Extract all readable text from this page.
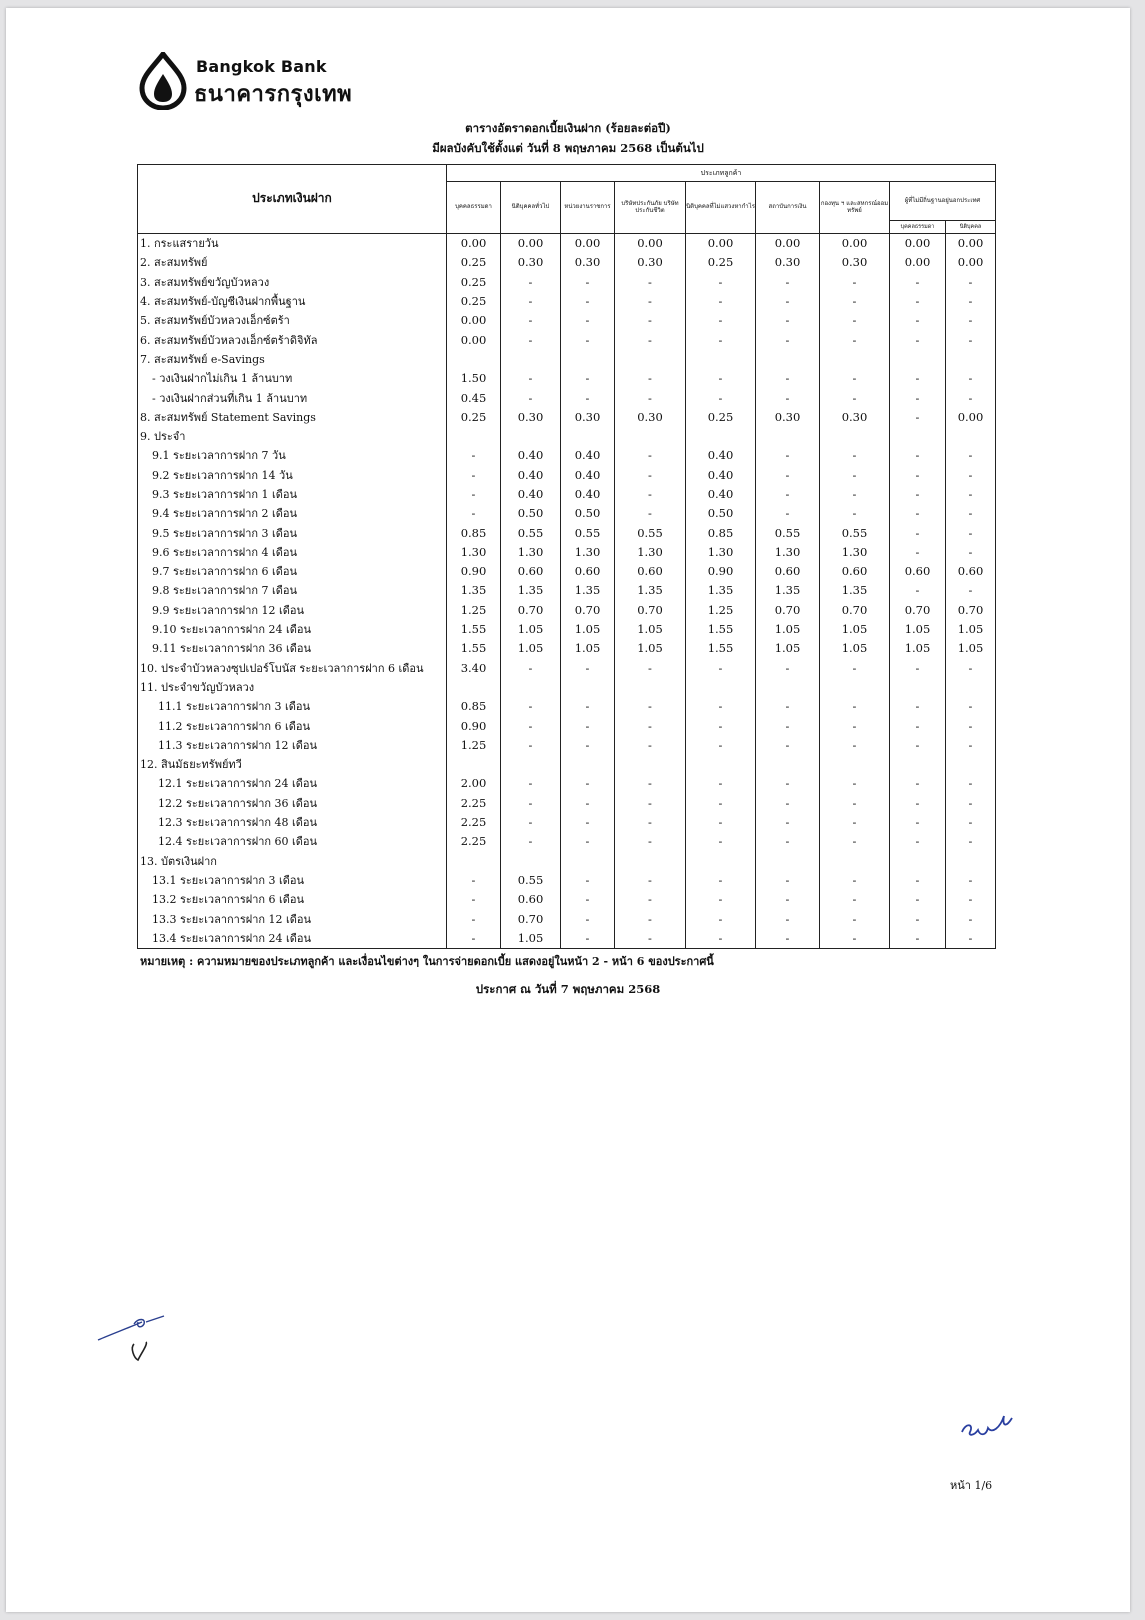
Bangkok Bank
ธนาคารกรุงเทพ
ตารางอัตราดอกเบี้ยเงินฝาก (ร้อยละต่อปี)
มีผลบังคับใช้ตั้งแต่ วันที่ 8 พฤษภาคม 2568 เป็นต้นไป
ประเภทเงินฝาก	ประเภทลูกค้า								
	บุคคลธรรมดา	นิติบุคคลทั่วไป	หน่วยงานราชการ	บริษัทประกันภัย บริษัทประกันชีวิต	นิติบุคคลที่ไม่แสวงหากำไร	สถาบันการเงิน	กองทุน ฯ และสหกรณ์ออมทรัพย์	ผู้ที่ไม่มีถิ่นฐานอยู่นอกประเทศ	
								บุคคลธรรมดา	นิติบุคคล
1. กระแสรายวัน	0.00	0.00	0.00	0.00	0.00	0.00	0.00	0.00	0.00
2. สะสมทรัพย์	0.25	0.30	0.30	0.30	0.25	0.30	0.30	0.00	0.00
3. สะสมทรัพย์ขวัญบัวหลวง	0.25	-	-	-	-	-	-	-	-
4. สะสมทรัพย์-บัญชีเงินฝากพื้นฐาน	0.25	-	-	-	-	-	-	-	-
5. สะสมทรัพย์บัวหลวงเอ็กซ์ตร้า	0.00	-	-	-	-	-	-	-	-
6. สะสมทรัพย์บัวหลวงเอ็กซ์ตร้าดิจิทัล	0.00	-	-	-	-	-	-	-	-
7. สะสมทรัพย์ e-Savings									
- วงเงินฝากไม่เกิน 1 ล้านบาท	1.50	-	-	-	-	-	-	-	-
- วงเงินฝากส่วนที่เกิน 1 ล้านบาท	0.45	-	-	-	-	-	-	-	-
8. สะสมทรัพย์ Statement Savings	0.25	0.30	0.30	0.30	0.25	0.30	0.30	-	0.00
9. ประจำ									
9.1 ระยะเวลาการฝาก 7 วัน	-	0.40	0.40	-	0.40	-	-	-	-
9.2 ระยะเวลาการฝาก 14 วัน	-	0.40	0.40	-	0.40	-	-	-	-
9.3 ระยะเวลาการฝาก 1 เดือน	-	0.40	0.40	-	0.40	-	-	-	-
9.4 ระยะเวลาการฝาก 2 เดือน	-	0.50	0.50	-	0.50	-	-	-	-
9.5 ระยะเวลาการฝาก 3 เดือน	0.85	0.55	0.55	0.55	0.85	0.55	0.55	-	-
9.6 ระยะเวลาการฝาก 4 เดือน	1.30	1.30	1.30	1.30	1.30	1.30	1.30	-	-
9.7 ระยะเวลาการฝาก 6 เดือน	0.90	0.60	0.60	0.60	0.90	0.60	0.60	0.60	0.60
9.8 ระยะเวลาการฝาก 7 เดือน	1.35	1.35	1.35	1.35	1.35	1.35	1.35	-	-
9.9 ระยะเวลาการฝาก 12 เดือน	1.25	0.70	0.70	0.70	1.25	0.70	0.70	0.70	0.70
9.10 ระยะเวลาการฝาก 24 เดือน	1.55	1.05	1.05	1.05	1.55	1.05	1.05	1.05	1.05
9.11 ระยะเวลาการฝาก 36 เดือน	1.55	1.05	1.05	1.05	1.55	1.05	1.05	1.05	1.05
10. ประจำบัวหลวงซุปเปอร์โบนัส ระยะเวลาการฝาก 6 เดือน	3.40	-	-	-	-	-	-	-	-
11. ประจำขวัญบัวหลวง									
11.1 ระยะเวลาการฝาก 3 เดือน	0.85	-	-	-	-	-	-	-	-
11.2 ระยะเวลาการฝาก 6 เดือน	0.90	-	-	-	-	-	-	-	-
11.3 ระยะเวลาการฝาก 12 เดือน	1.25	-	-	-	-	-	-	-	-
12. สินมัธยะทรัพย์ทวี									
12.1 ระยะเวลาการฝาก 24 เดือน	2.00	-	-	-	-	-	-	-	-
12.2 ระยะเวลาการฝาก 36 เดือน	2.25	-	-	-	-	-	-	-	-
12.3 ระยะเวลาการฝาก 48 เดือน	2.25	-	-	-	-	-	-	-	-
12.4 ระยะเวลาการฝาก 60 เดือน	2.25	-	-	-	-	-	-	-	-
13. บัตรเงินฝาก									
13.1 ระยะเวลาการฝาก 3 เดือน	-	0.55	-	-	-	-	-	-	-
13.2 ระยะเวลาการฝาก 6 เดือน	-	0.60	-	-	-	-	-	-	-
13.3 ระยะเวลาการฝาก 12 เดือน	-	0.70	-	-	-	-	-	-	-
13.4 ระยะเวลาการฝาก 24 เดือน	-	1.05	-	-	-	-	-	-	-
หมายเหตุ : ความหมายของประเภทลูกค้า และเงื่อนไขต่างๆ ในการจ่ายดอกเบี้ย แสดงอยู่ในหน้า 2 - หน้า 6 ของประกาศนี้
ประกาศ ณ วันที่ 7 พฤษภาคม 2568
หน้า 1/6
